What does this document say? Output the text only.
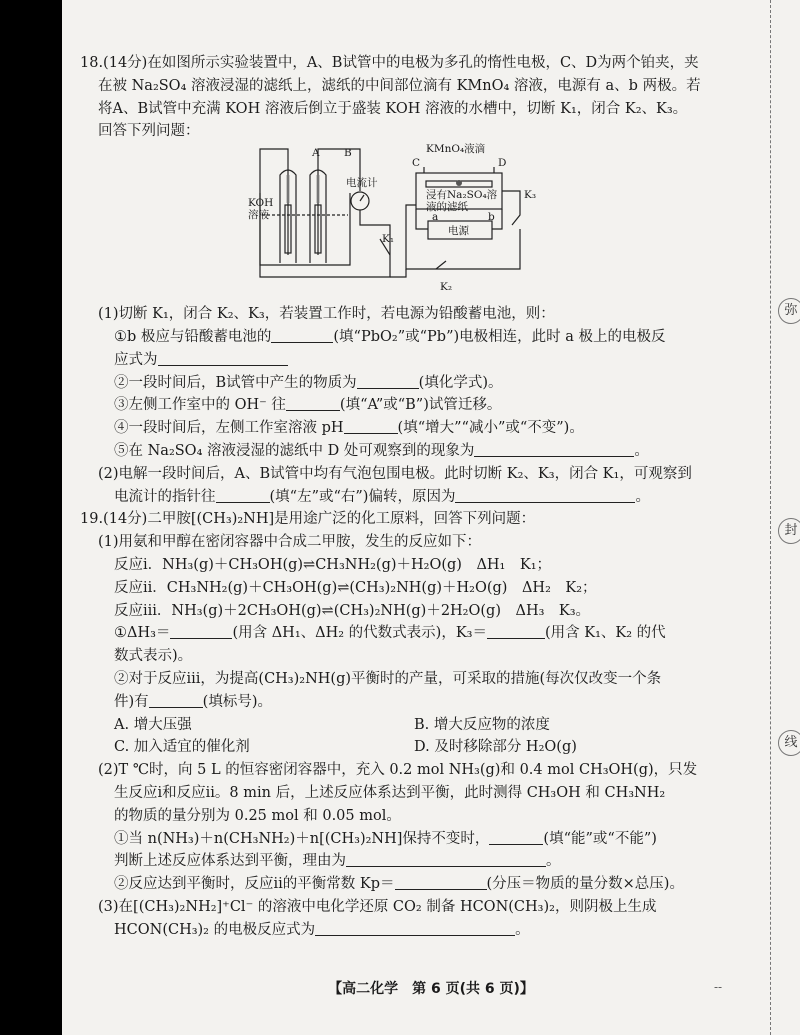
弥
封
线

18.(14分)在如图所示实验装置中，A、B试管中的电极为多孔的惰性电极，C、D为两个铂夹，夹

在被 Na₂SO₄ 溶液浸湿的滤纸上，滤纸的中间部位滴有 KMnO₄ 溶液，电源有 a、b 两极。若

将A、B试管中充满 KOH 溶液后倒立于盛装 KOH 溶液的水槽中，切断 K₁，闭合 K₂、K₃。

回答下列问题：

A B
KOH
溶液
电流计
K₁
KMnO₄液滴
C	D
浸有Na₂SO₄溶
液的滤纸
a	b
电源
K₃
K₂

(1)切断 K₁，闭合 K₂、K₃，若装置工作时，若电源为铅酸蓄电池，则：

①b 极应与铅酸蓄电池的	(填“PbO₂”或“Pb”)电极相连，此时 a 极上的电极反

应式为

②一段时间后，B试管中产生的物质为	(填化学式)。

③左侧工作室中的 OH⁻ 往	(填“A”或“B”)试管迁移。

④一段时间后，左侧工作室溶液 pH	(填“增大”“减小”或“不变”)。

⑤在 Na₂SO₄ 溶液浸湿的滤纸中 D 处可观察到的现象为	。

(2)电解一段时间后，A、B试管中均有气泡包围电极。此时切断 K₂、K₃，闭合 K₁，可观察到

电流计的指针往	(填“左”或“右”)偏转，原因为	。

19.(14分)二甲胺[(CH₃)₂NH]是用途广泛的化工原料，回答下列问题：

(1)用氨和甲醇在密闭容器中合成二甲胺，发生的反应如下：

反应ⅰ．NH₃(g)＋CH₃OH(g)⇌CH₃NH₂(g)＋H₂O(g)　ΔH₁　K₁；

反应ⅱ．CH₃NH₂(g)＋CH₃OH(g)⇌(CH₃)₂NH(g)＋H₂O(g)　ΔH₂　K₂；

反应ⅲ．NH₃(g)＋2CH₃OH(g)⇌(CH₃)₂NH(g)＋2H₂O(g)　ΔH₃　K₃。

①ΔH₃＝	(用含 ΔH₁、ΔH₂ 的代数式表示)，K₃＝	(用含 K₁、K₂ 的代

数式表示)。

②对于反应ⅲ，为提高(CH₃)₂NH(g)平衡时的产量，可采取的措施(每次仅改变一个条

件)有	(填标号)。

A. 增大压强	B. 增大反应物的浓度
C. 加入适宜的催化剂	D. 及时移除部分 H₂O(g)

(2)T ℃时，向 5 L 的恒容密闭容器中，充入 0.2 mol NH₃(g)和 0.4 mol CH₃OH(g)，只发

生反应ⅰ和反应ⅱ。8 min 后，上述反应体系达到平衡，此时测得 CH₃OH 和 CH₃NH₂

的物质的量分别为 0.25 mol 和 0.05 mol。

①当 n(NH₃)＋n(CH₃NH₂)＋n[(CH₃)₂NH]保持不变时，	(填“能”或“不能”)

判断上述反应体系达到平衡，理由为	。

②反应达到平衡时，反应ⅱ的平衡常数 Kp＝	(分压＝物质的量分数×总压)。

(3)在[(CH₃)₂NH₂]⁺Cl⁻ 的溶液中电化学还原 CO₂ 制备 HCON(CH₃)₂，则阴极上生成

HCON(CH₃)₂ 的电极反应式为	。

【高二化学　第 6 页(共 6 页)】	--
